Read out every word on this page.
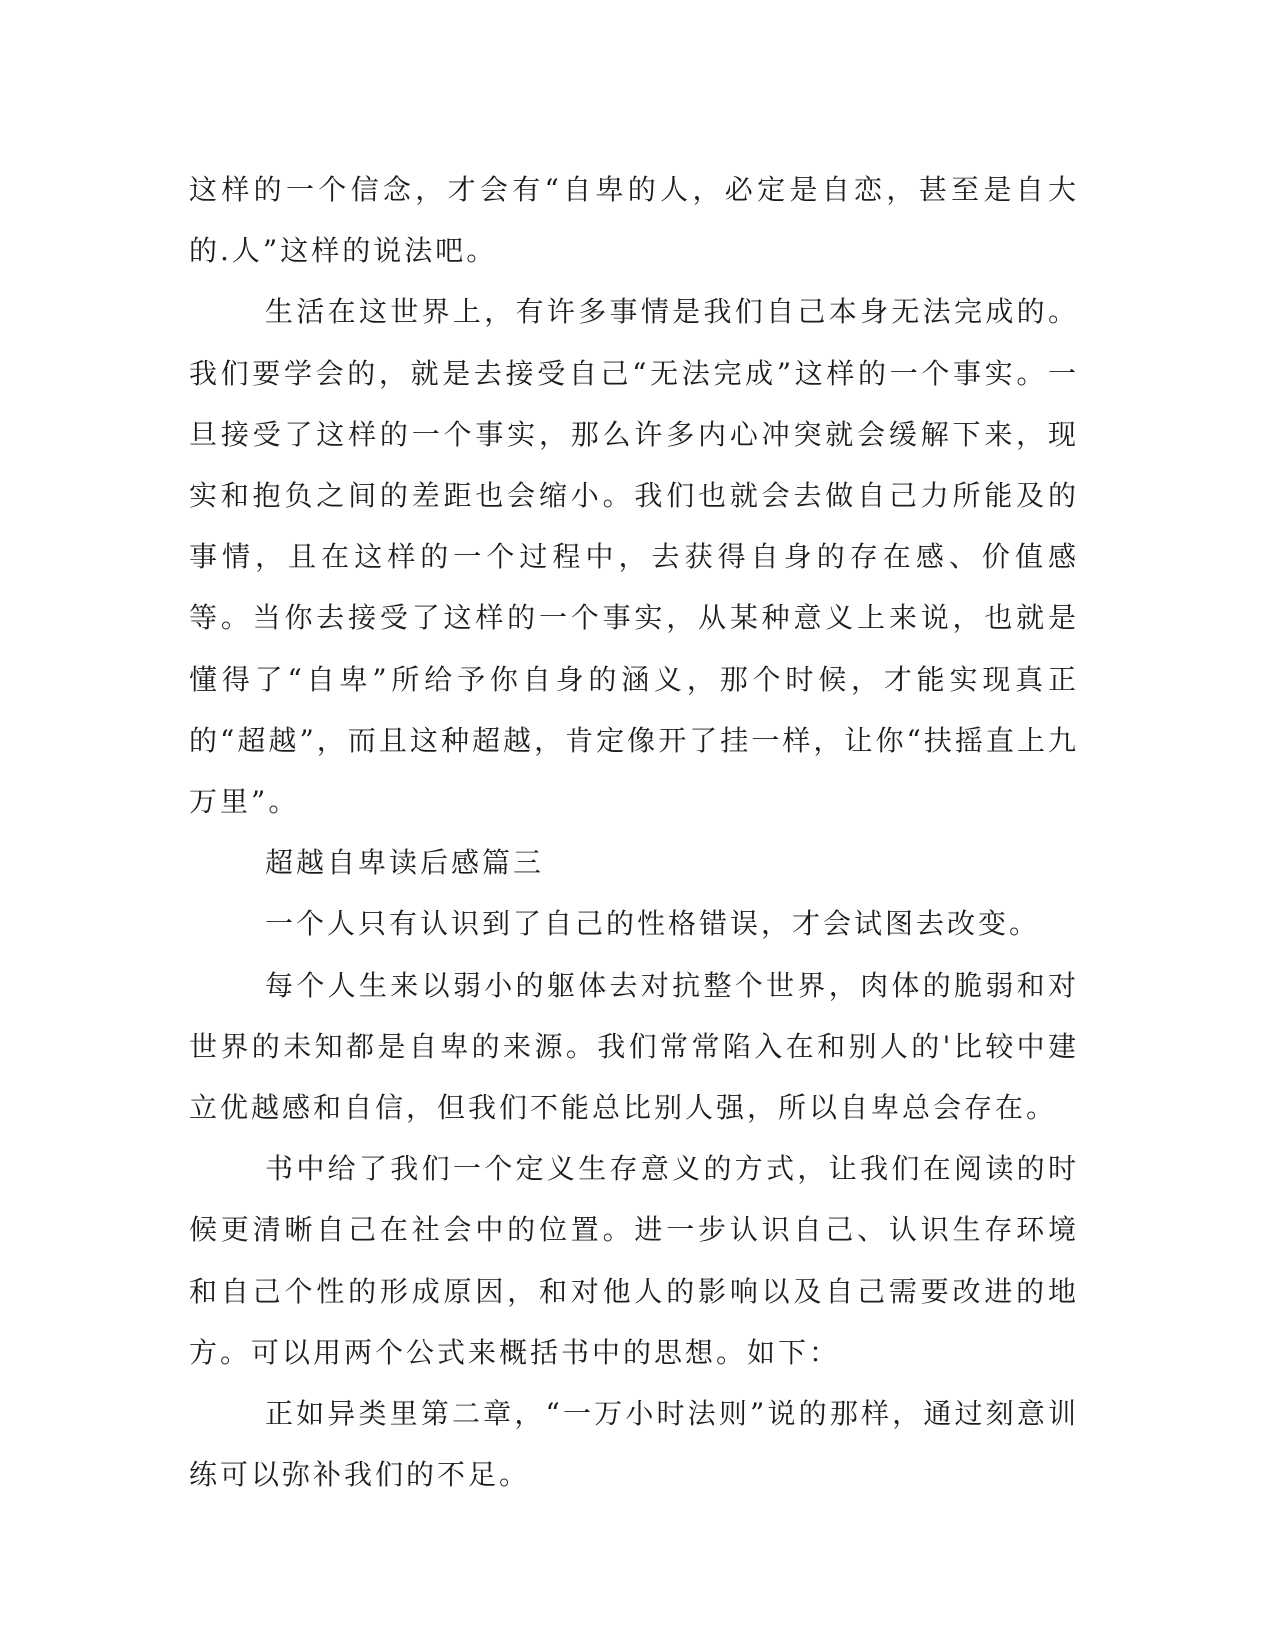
这样的一个信念，才会有“自卑的人，必定是自恋，甚至是自大的.人”这样的说法吧。

生活在这世界上，有许多事情是我们自己本身无法完成的。我们要学会的，就是去接受自己“无法完成”这样的一个事实。一旦接受了这样的一个事实，那么许多内心冲突就会缓解下来，现实和抱负之间的差距也会缩小。我们也就会去做自己力所能及的事情，且在这样的一个过程中，去获得自身的存在感、价值感等。当你去接受了这样的一个事实，从某种意义上来说，也就是懂得了“自卑”所给予你自身的涵义，那个时候，才能实现真正的“超越”，而且这种超越，肯定像开了挂一样，让你“扶摇直上九万里”。

超越自卑读后感篇三

一个人只有认识到了自己的性格错误，才会试图去改变。

每个人生来以弱小的躯体去对抗整个世界，肉体的脆弱和对世界的未知都是自卑的来源。我们常常陷入在和别人的'比较中建立优越感和自信，但我们不能总比别人强，所以自卑总会存在。

书中给了我们一个定义生存意义的方式，让我们在阅读的时候更清晰自己在社会中的位置。进一步认识自己、认识生存环境和自己个性的形成原因，和对他人的影响以及自己需要改进的地方。可以用两个公式来概括书中的思想。如下：

正如异类里第二章，“一万小时法则”说的那样，通过刻意训练可以弥补我们的不足。
